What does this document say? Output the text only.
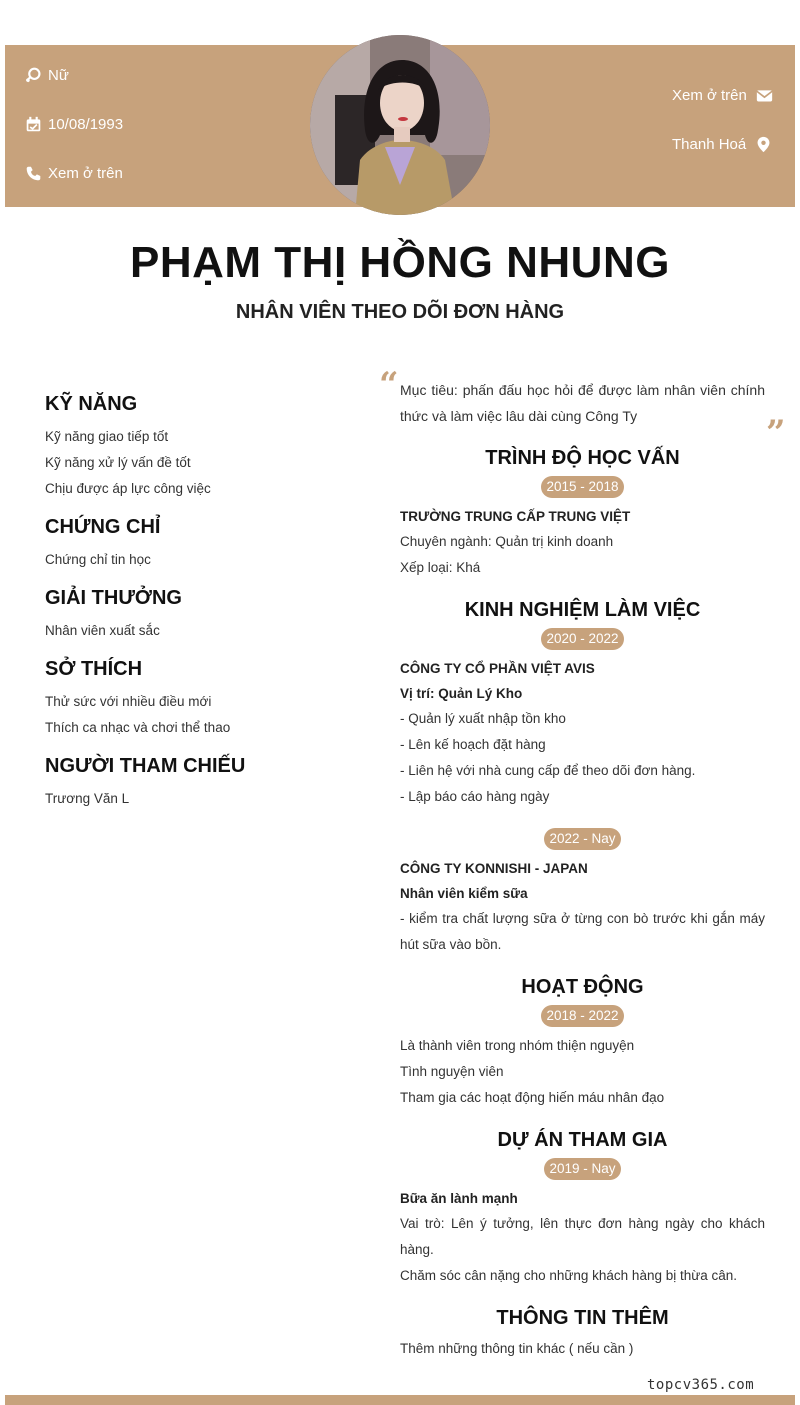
Nữ
10/08/1993
Xem ở trên
Xem ở trên
Thanh Hoá
PHẠM THỊ HỒNG NHUNG
NHÂN VIÊN THEO DÕI ĐƠN HÀNG
KỸ NĂNG
Kỹ năng giao tiếp tốt
Kỹ năng xử lý vấn đề tốt
Chịu được áp lực công việc
CHỨNG CHỈ
Chứng chỉ tin học
GIẢI THƯỞNG
Nhân viên xuất sắc
SỞ THÍCH
Thử sức với nhiều điều mới
Thích ca nhạc và chơi thể thao
NGƯỜI THAM CHIẾU
Trương Văn L
“
”
Mục tiêu: phấn đấu học hỏi để được làm nhân viên chính thức và làm việc lâu dài cùng Công Ty
TRÌNH ĐỘ HỌC VẤN
2015 - 2018
TRƯỜNG TRUNG CẤP TRUNG VIỆT
Chuyên ngành: Quản trị kinh doanh
Xếp loại: Khá
KINH NGHIỆM LÀM VIỆC
2020 - 2022
CÔNG TY CỔ PHẦN VIỆT AVIS
Vị trí: Quản Lý Kho
- Quản lý xuất nhập tồn kho
- Lên kế hoạch đặt hàng
- Liên hệ với nhà cung cấp để theo dõi đơn hàng.
- Lập báo cáo hàng ngày
2022 - Nay
CÔNG TY KONNISHI - JAPAN
Nhân viên kiểm sữa
- kiểm tra chất lượng sữa ở từng con bò trước khi gắn máy hút sữa vào bồn.
HOẠT ĐỘNG
2018 - 2022
Là thành viên trong nhóm thiện nguyện
Tình nguyện viên
Tham gia các hoạt động hiến máu nhân đạo
DỰ ÁN THAM GIA
2019 - Nay
Bữa ăn lành mạnh
Vai trò: Lên ý tưởng, lên thực đơn hàng ngày cho khách hàng.
Chăm sóc cân nặng cho những khách hàng bị thừa cân.
THÔNG TIN THÊM
Thêm những thông tin khác ( nếu cần )
topcv365.com
